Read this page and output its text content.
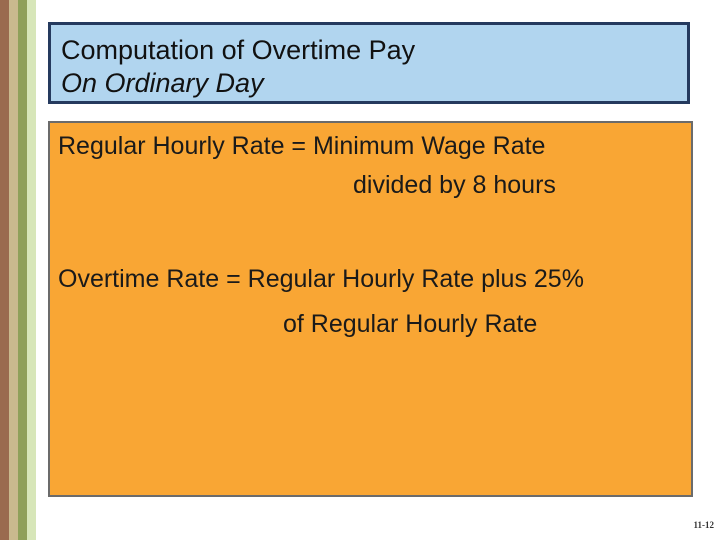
Computation of Overtime Pay
On Ordinary Day
Regular Hourly Rate = Minimum Wage Rate
divided by 8 hours
Overtime Rate = Regular Hourly Rate plus 25%
of Regular Hourly Rate
11-12
